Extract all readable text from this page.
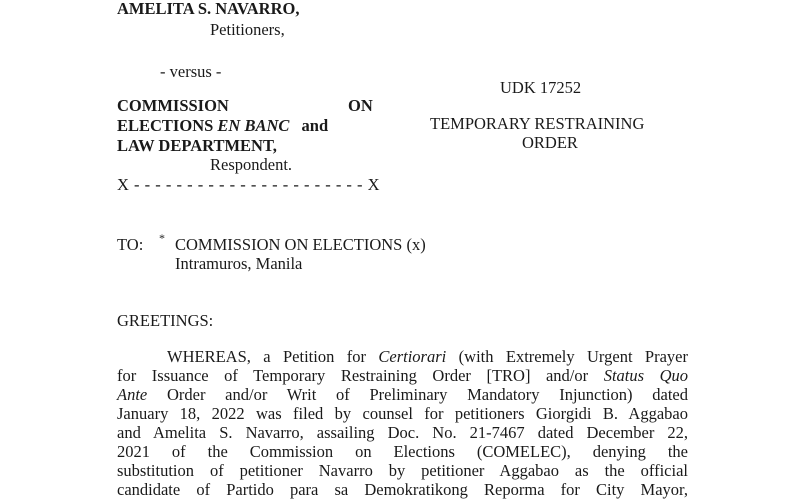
AMELITA S. NAVARRO,
Petitioners,
- versus -
COMMISSION	ON
ELECTIONS EN BANC and
LAW DEPARTMENT,
Respondent.
X - - - - - - - - - - - - - - - - - - - - - - X
UDK 17252
TEMPORARY RESTRAINING
ORDER
TO: * COMMISSION ON ELECTIONS (x)
Intramuros, Manila
GREETINGS:
WHEREAS, a Petition for Certiorari (with Extremely Urgent Prayer
for Issuance of Temporary Restraining Order [TRO] and/or Status Quo
Ante Order and/or Writ of Preliminary Mandatory Injunction) dated
January 18, 2022 was filed by counsel for petitioners Giorgidi B. Aggabao
and Amelita S. Navarro, assailing Doc. No. 21-7467 dated December 22,
2021 of the Commission on Elections (COMELEC), denying the
substitution of petitioner Navarro by petitioner Aggabao as the official
candidate of Partido para sa Demokratikong Reporma for City Mayor,
